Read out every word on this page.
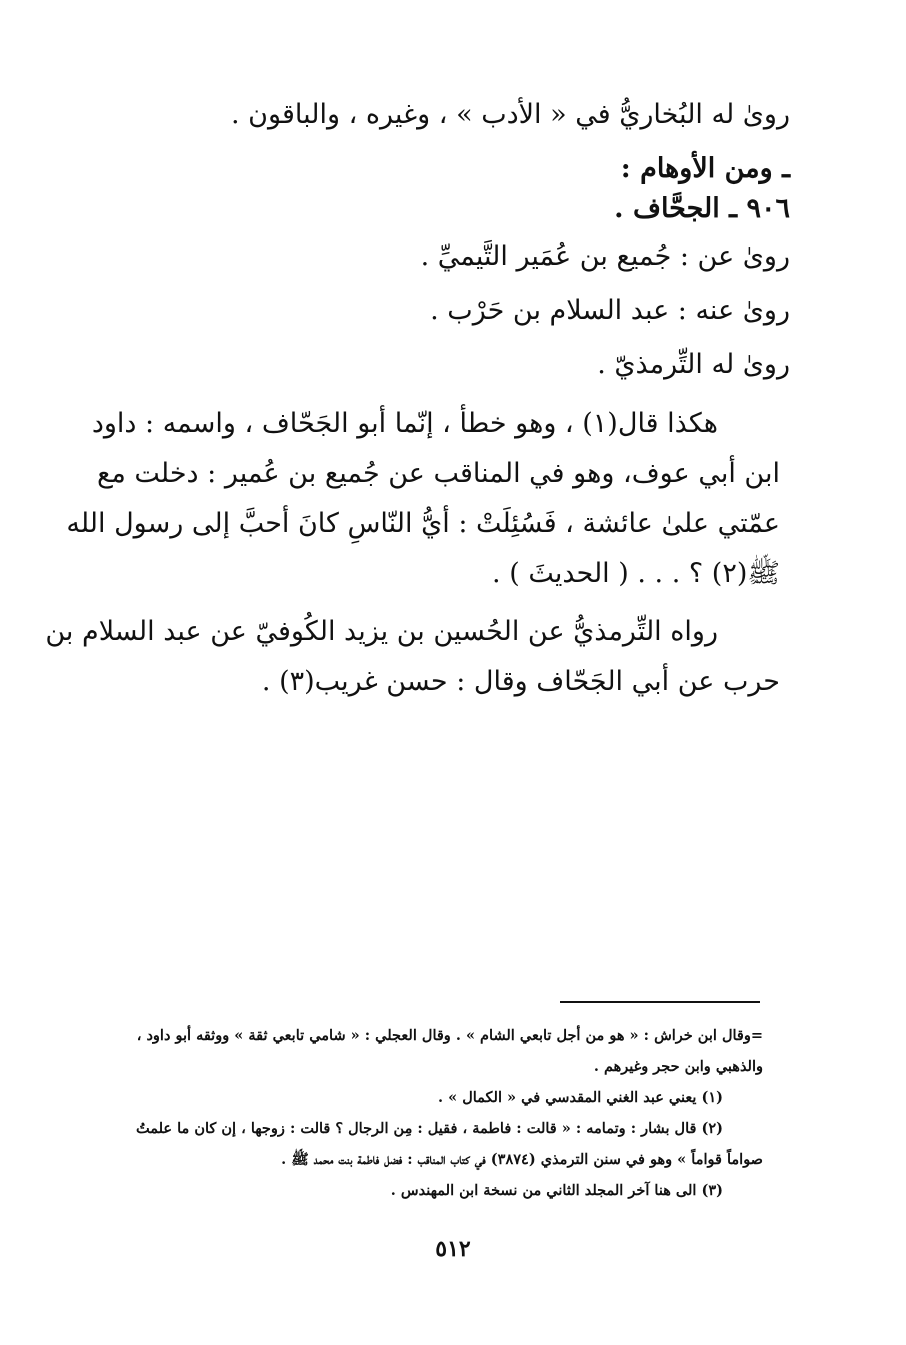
روىٰ له البُخاريُّ في « الأدب » ، وغيره ، والباقون .
ـ ومن الأوهام :
٩٠٦ ـ الجحَّاف .
روىٰ عن : جُميع بن عُمَير التَّيميِّ .
روىٰ عنه : عبد السلام بن حَرْب .
روىٰ له التِّرمذيّ .
هكذا قال(١) ، وهو خطأ ، إنّما أبو الجَحّاف ، واسمه : داود
ابن أبي عوف، وهو في المناقب عن جُميع بن عُمير : دخلت مع
عمّتي علىٰ عائشة ، فَسُئِلَتْ : أيُّ النّاسِ كانَ أحبَّ إلى رسول الله
ﷺ(٢) ؟ . . . ( الحديثَ ) .
رواه التِّرمذيُّ عن الحُسين بن يزيد الكُوفيّ عن عبد السلام بن
حرب عن أبي الجَحّاف وقال : حسن غريب(٣) .
=وقال ابن خراش : « هو من أجل تابعي الشام » . وقال العجلي : « شامي تابعي ثقة » ووثقه أبو داود ،
والذهبي وابن حجر وغيرهم .
(١) يعني عبد الغني المقدسي في « الكمال » .
(٢) قال بشار : وتمامه : « قالت : فاطمة ، فقيل : مِن الرجال ؟ قالت : زوجها ، إن كان ما علمتُ
صواماً قواماً » وهو في سنن الترمذي (٣٨٧٤) في كتاب المناقب : فضل فاطمة بنت محمد ﷺ .
(٣) الى هنا آخر المجلد الثاني من نسخة ابن المهندس .
٥١٢
